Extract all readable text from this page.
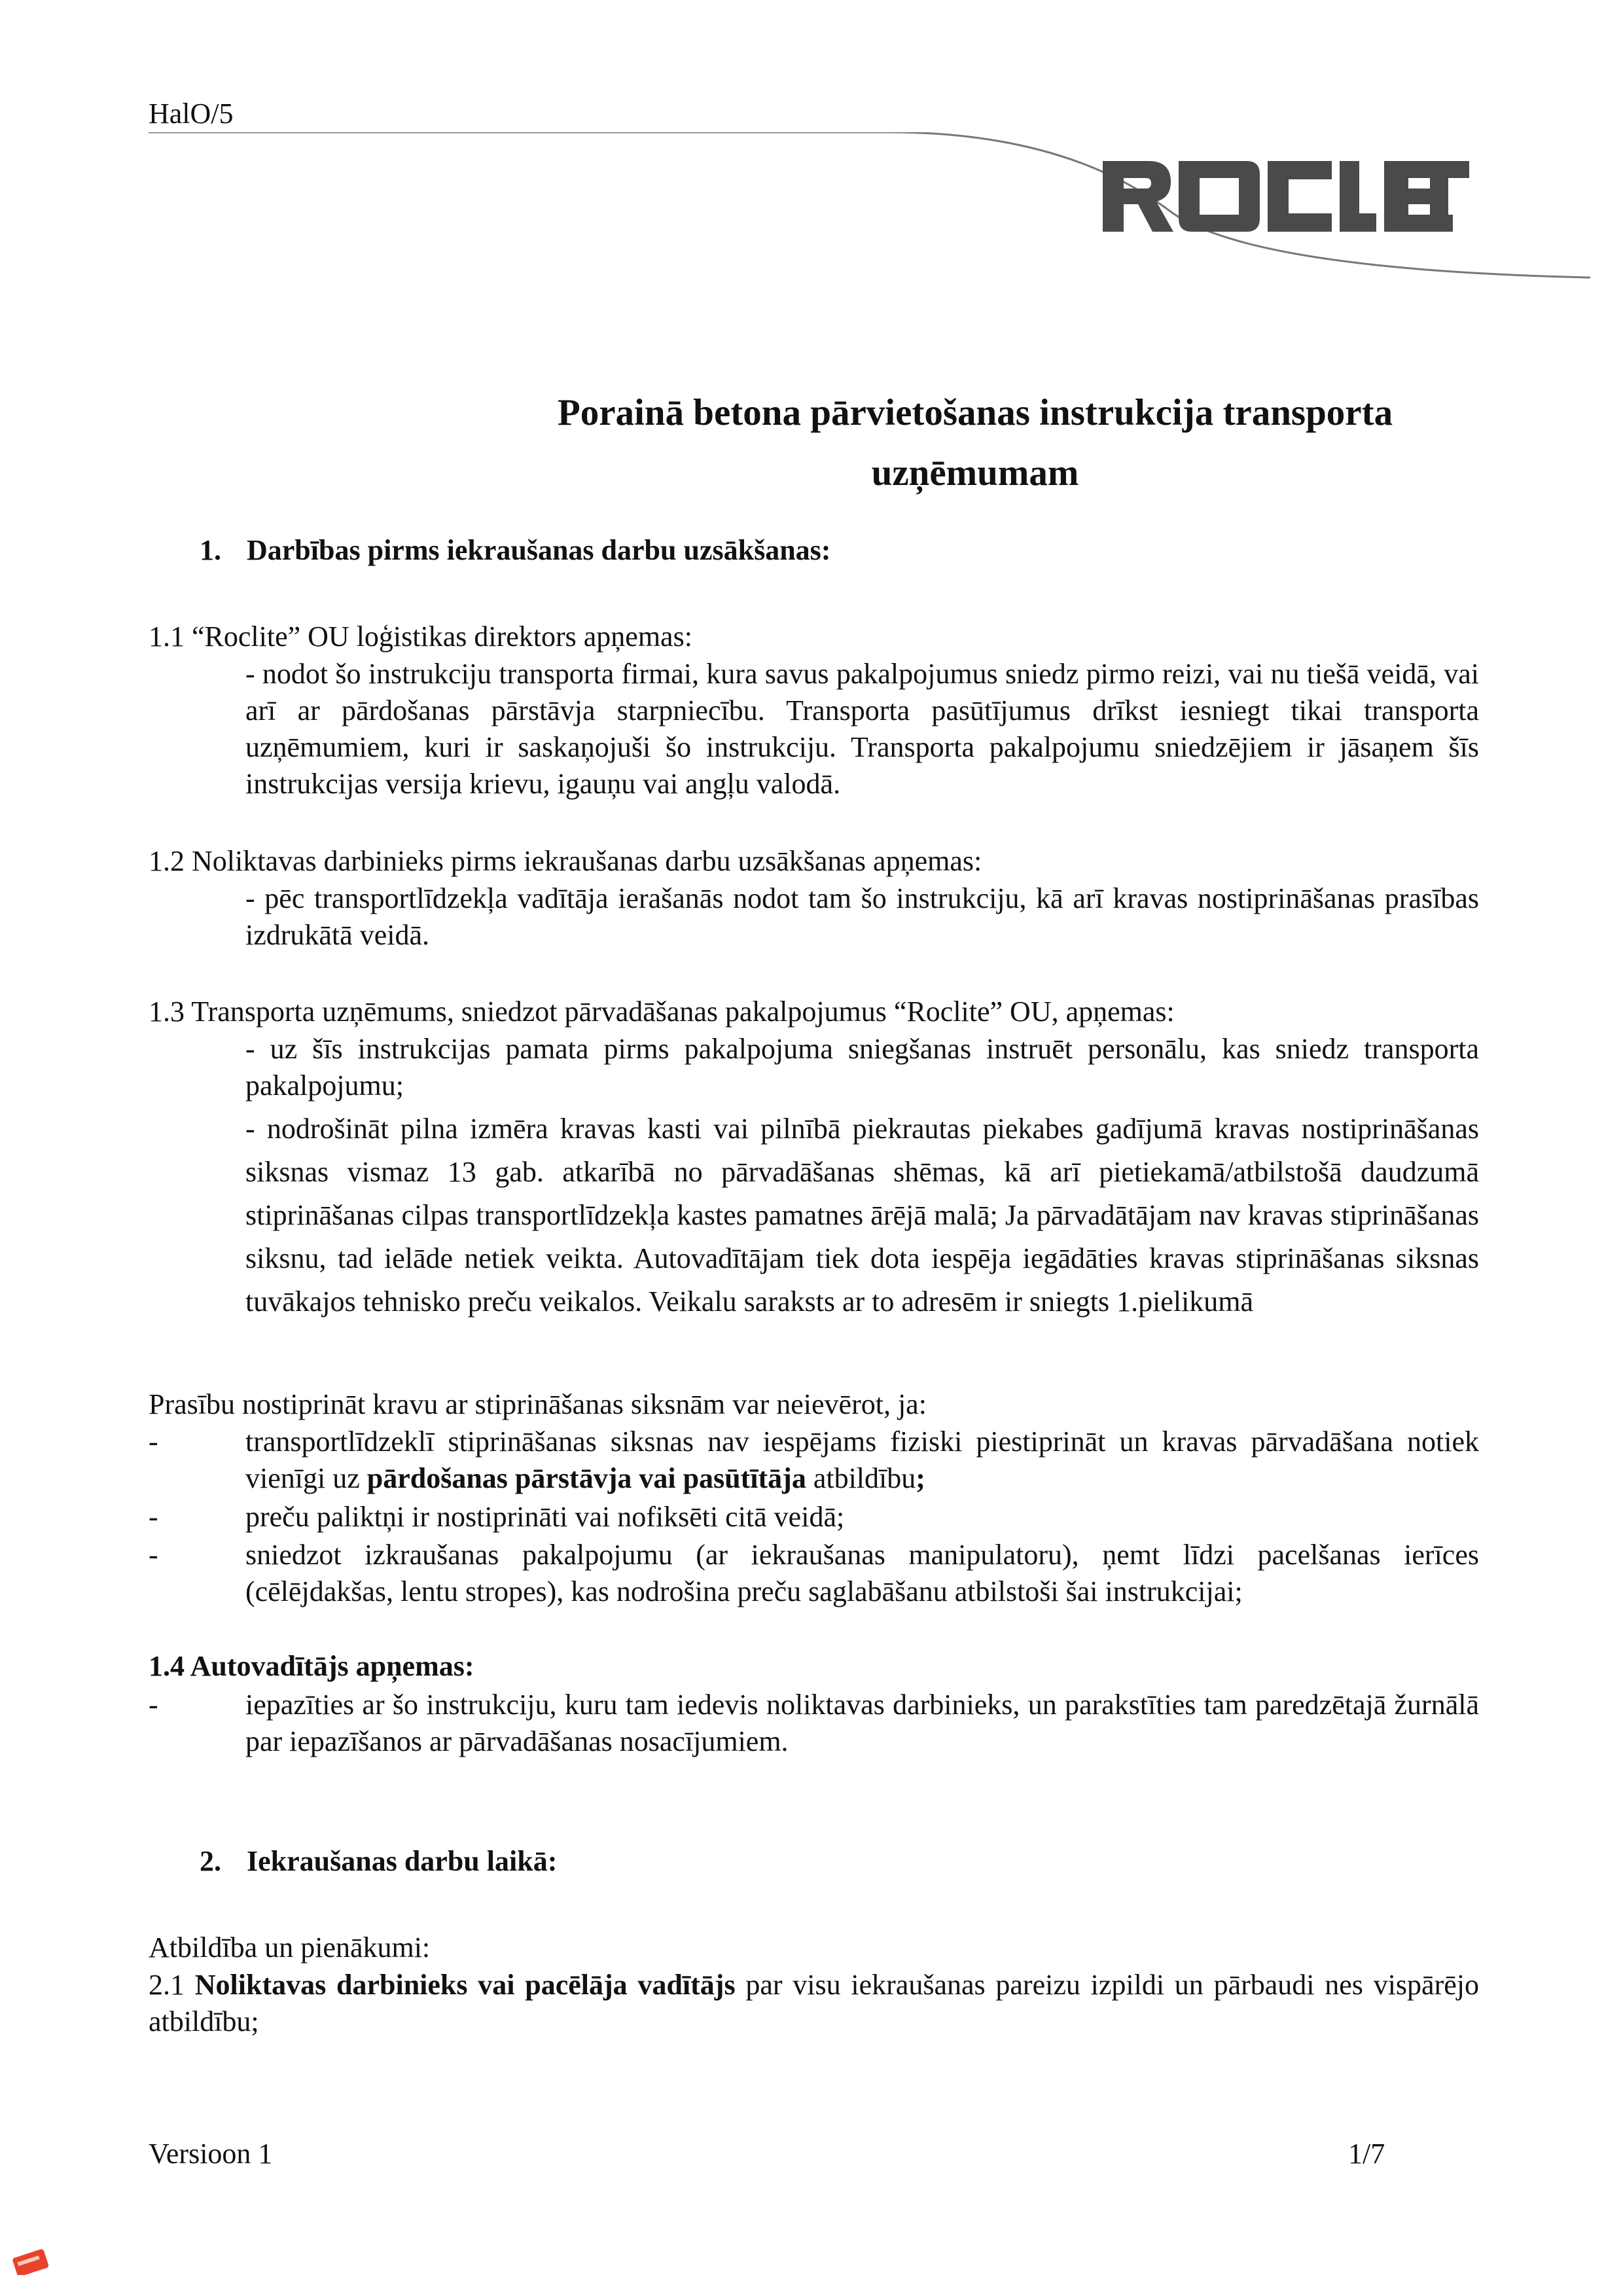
HalO/5
Porainā betona pārvietošanas instrukcija transporta
uzņēmumam
1. Darbības pirms iekraušanas darbu uzsākšanas:
1.1 “Roclite” OU loģistikas direktors apņemas:
- nodot šo instrukciju transporta firmai, kura savus pakalpojumus sniedz pirmo reizi, vai nu tiešā veidā, vai arī ar pārdošanas pārstāvja starpniecību. Transporta pasūtījumus drīkst iesniegt tikai transporta uzņēmumiem, kuri ir saskaņojuši šo instrukciju. Transporta pakalpojumu sniedzējiem ir jāsaņem šīs instrukcijas versija krievu, igauņu vai angļu valodā.
1.2 Noliktavas darbinieks pirms iekraušanas darbu uzsākšanas apņemas:
- pēc transportlīdzekļa vadītāja ierašanās nodot tam šo instrukciju, kā arī kravas nostiprināšanas prasības izdrukātā veidā.
1.3 Transporta uzņēmums, sniedzot pārvadāšanas pakalpojumus “Roclite” OU, apņemas:
- uz šīs instrukcijas pamata pirms pakalpojuma sniegšanas instruēt personālu, kas sniedz transporta pakalpojumu;
- nodrošināt pilna izmēra kravas kasti vai pilnībā piekrautas piekabes gadījumā kravas nostiprināšanas siksnas vismaz 13 gab. atkarībā no pārvadāšanas shēmas, kā arī pietiekamā/atbilstošā daudzumā stiprināšanas cilpas transportlīdzekļa kastes pamatnes ārējā malā; Ja pārvadātājam nav kravas stiprināšanas siksnu, tad ielāde netiek veikta. Autovadītājam tiek dota iespēja iegādāties kravas stiprināšanas siksnas tuvākajos tehnisko preču veikalos. Veikalu saraksts ar to adresēm ir sniegts 1.pielikumā
Prasību nostiprināt kravu ar stiprināšanas siksnām var neievērot, ja:
-	transportlīdzeklī stiprināšanas siksnas nav iespējams fiziski piestiprināt un kravas pārvadāšana notiek vienīgi uz pārdošanas pārstāvja vai pasūtītāja atbildību;
-	preču paliktņi ir nostiprināti vai nofiksēti citā veidā;
-	sniedzot izkraušanas pakalpojumu (ar iekraušanas manipulatoru), ņemt līdzi pacelšanas ierīces (cēlējdakšas, lentu stropes), kas nodrošina preču saglabāšanu atbilstoši šai instrukcijai;
1.4 Autovadītājs apņemas:
-	iepazīties ar šo instrukciju, kuru tam iedevis noliktavas darbinieks, un parakstīties tam paredzētajā žurnālā par iepazīšanos ar pārvadāšanas nosacījumiem.
2. Iekraušanas darbu laikā:
Atbildība un pienākumi:
2.1 Noliktavas darbinieks vai pacēlāja vadītājs par visu iekraušanas pareizu izpildi un pārbaudi nes vispārējo atbildību;
Versioon 1	1/7
